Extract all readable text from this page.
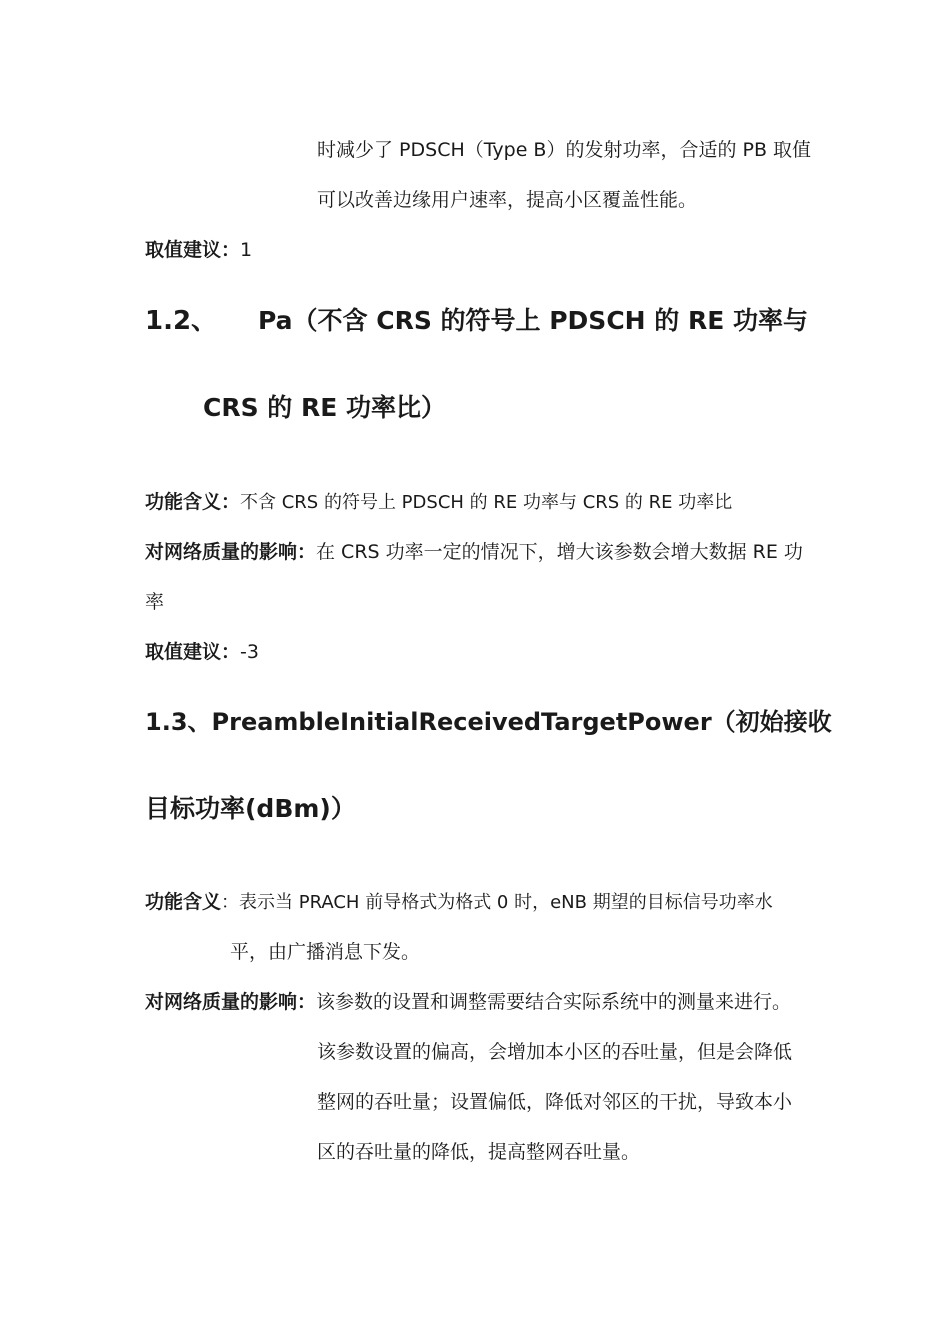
时减少了 PDSCH（Type B）的发射功率，合适的 PB 取值
可以改善边缘用户速率，提高小区覆盖性能。
取值建议：1
1.2、 Pa（不含 CRS 的符号上 PDSCH 的 RE 功率与
CRS 的 RE 功率比）
功能含义：不含 CRS 的符号上 PDSCH 的 RE 功率与 CRS 的 RE 功率比
对网络质量的影响：在 CRS 功率一定的情况下，增大该参数会增大数据 RE 功
率
取值建议：-3
1.3、PreambleInitialReceivedTargetPower（初始接收
目标功率(dBm)）
功能含义：表示当 PRACH 前导格式为格式 0 时，eNB 期望的目标信号功率水
平，由广播消息下发。
对网络质量的影响：该参数的设置和调整需要结合实际系统中的测量来进行。
该参数设置的偏高，会增加本小区的吞吐量，但是会降低
整网的吞吐量；设置偏低，降低对邻区的干扰，导致本小
区的吞吐量的降低，提高整网吞吐量。
